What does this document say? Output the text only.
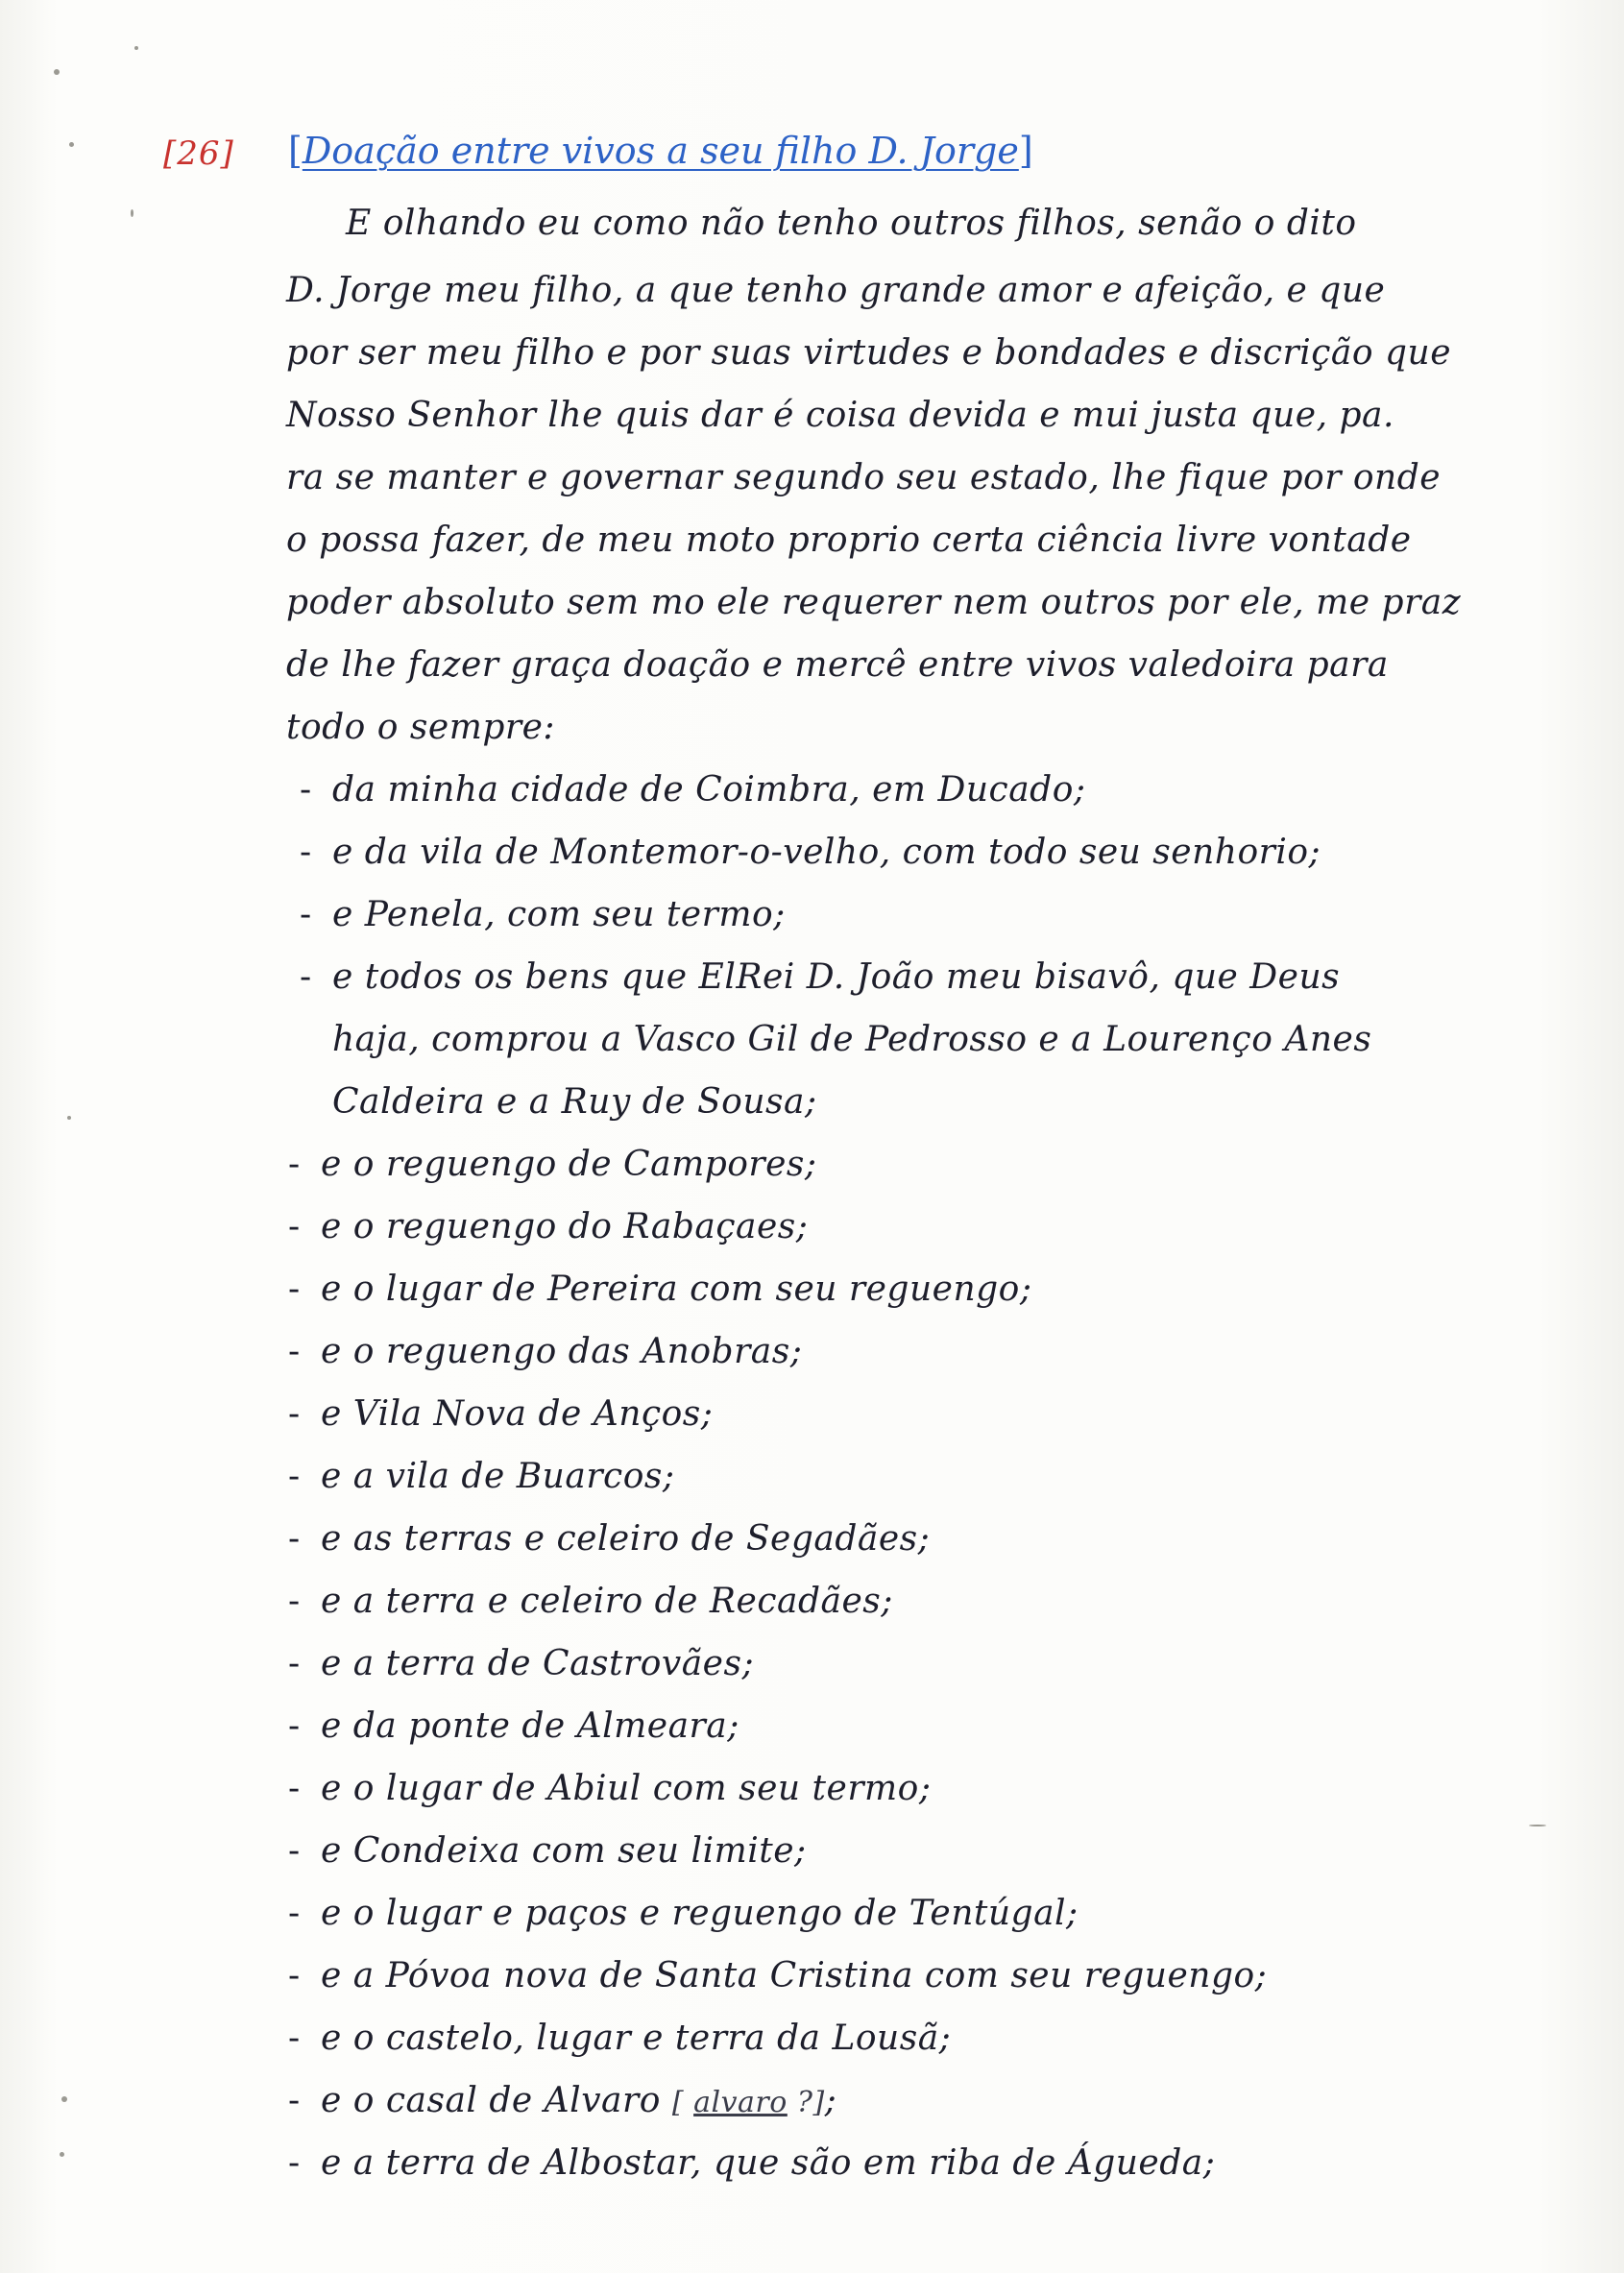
[26] [Doação entre vivos a seu filho D. Jorge]
E olhando eu como não tenho outros filhos, senão o dito
D. Jorge meu filho, a que tenho grande amor e afeição, e que
por ser meu filho e por suas virtudes e bondades e discrição que
Nosso Senhor lhe quis dar é coisa devida e mui justa que, pa.
ra se manter e governar segundo seu estado, lhe fique por onde
o possa fazer, de meu moto proprio certa ciência livre vontade
poder absoluto sem mo ele requerer nem outros por ele, me praz
de lhe fazer graça doação e mercê entre vivos valedoira para
todo o sempre:
- da minha cidade de Coimbra, em Ducado;
- e da vila de Montemor-o-velho, com todo seu senhorio;
- e Penela, com seu termo;
- e todos os bens que ElRei D. João meu bisavô, que Deus
haja, comprou a Vasco Gil de Pedrosso e a Lourenço Anes
Caldeira e a Ruy de Sousa;
- e o reguengo de Campores;
- e o reguengo do Rabaçaes;
- e o lugar de Pereira com seu reguengo;
- e o reguengo das Anobras;
- e Vila Nova de Anços;
- e a vila de Buarcos;
- e as terras e celeiro de Segadães;
- e a terra e celeiro de Recadães;
- e a terra de Castrovães;
- e da ponte de Almeara;
- e o lugar de Abiul com seu termo;
- e Condeixa com seu limite;
- e o lugar e paços e reguengo de Tentúgal;
- e a Póvoa nova de Santa Cristina com seu reguengo;
- e o castelo, lugar e terra da Lousã;
- e o casal de Alvaro [ alvaro ?];
- e a terra de Albostar, que são em riba de Águeda;
